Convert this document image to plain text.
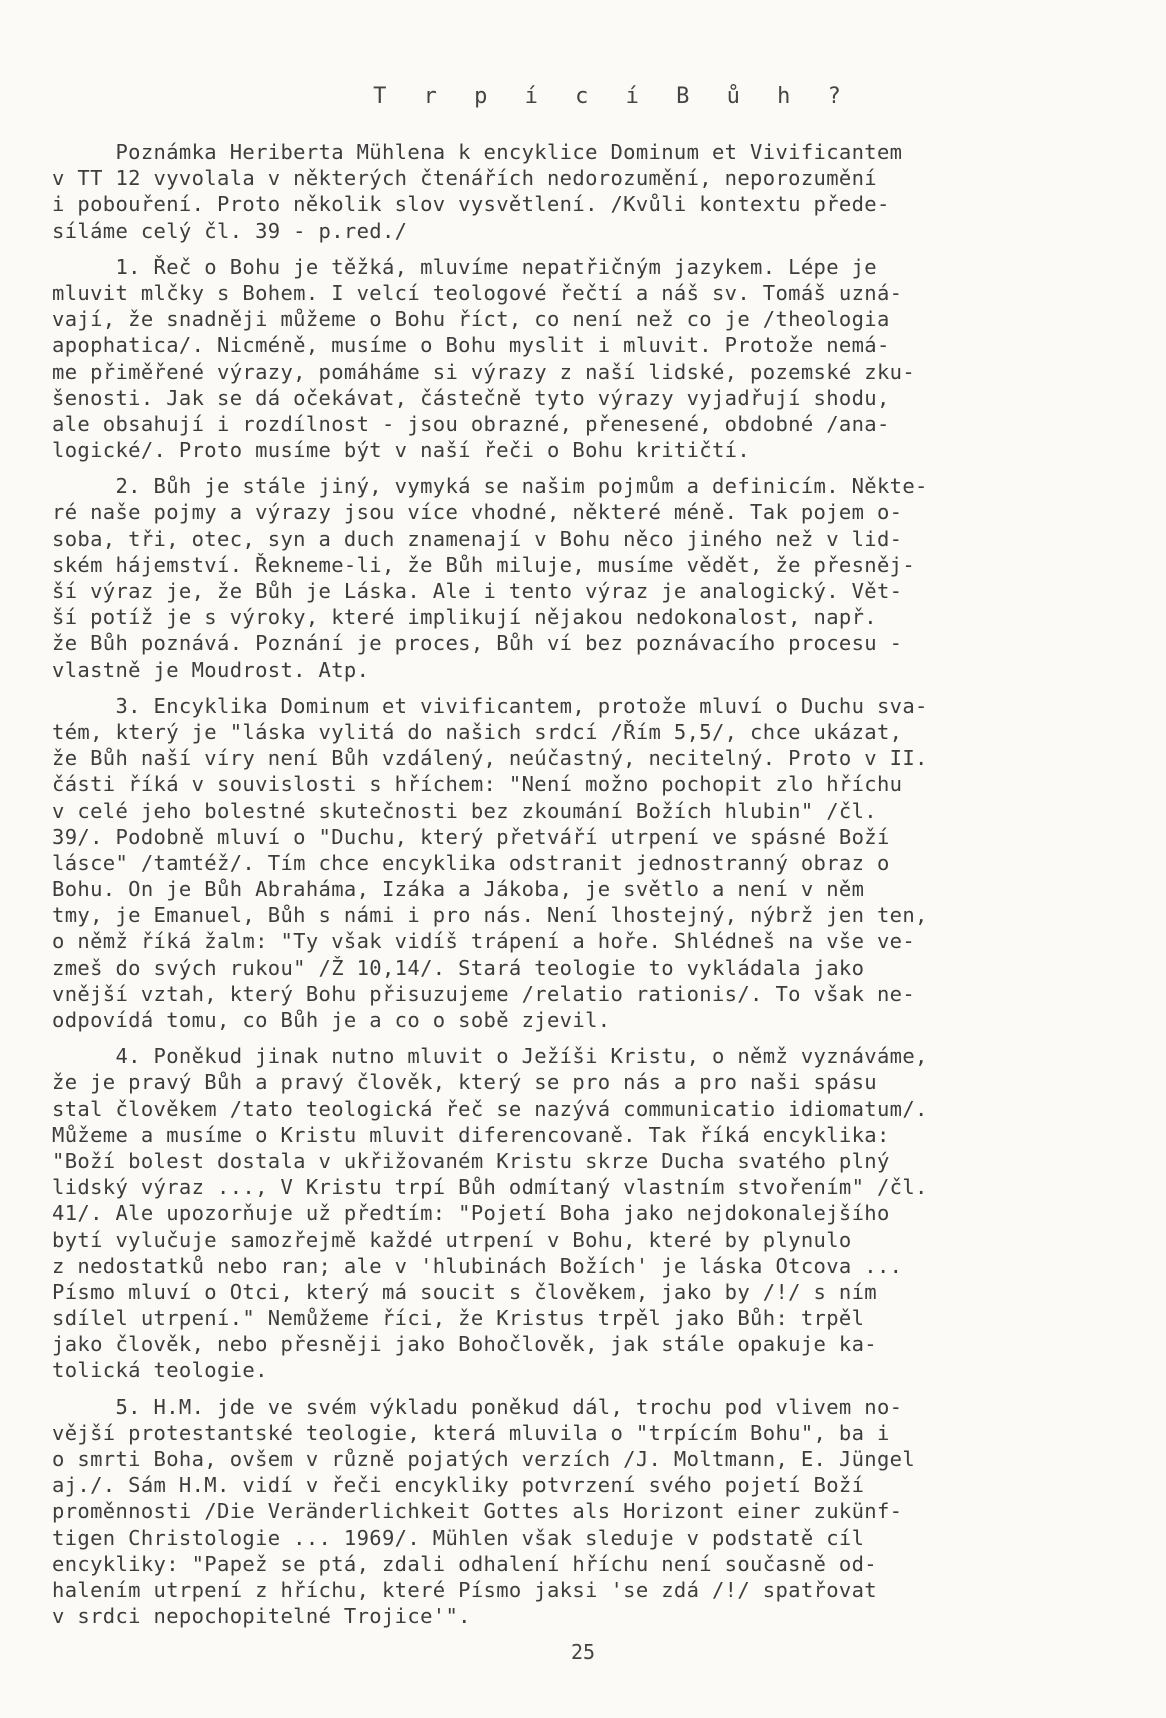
T r p í c í B ů h ?
Poznámka Heriberta Mühlena k encyklice Dominum et Vivificantem
v TT 12 vyvolala v některých čtenářích nedorozumění, neporozumění
i pobouření. Proto několik slov vysvětlení. /Kvůli kontextu přede-
síláme celý čl. 39 - p.red./
1. Řeč o Bohu je těžká, mluvíme nepatřičným jazykem. Lépe je
mluvit mlčky s Bohem. I velcí teologové řečtí a náš sv. Tomáš uzná-
vají, že snadněji můžeme o Bohu říct, co není než co je /theologia
apophatica/. Nicméně, musíme o Bohu myslit i mluvit. Protože nemá-
me přiměřené výrazy, pomáháme si výrazy z naší lidské, pozemské zku-
šenosti. Jak se dá očekávat, částečně tyto výrazy vyjadřují shodu,
ale obsahují i rozdílnost - jsou obrazné, přenesené, obdobné /ana-
logické/. Proto musíme být v naší řeči o Bohu kritičtí.
2. Bůh je stále jiný, vymyká se našim pojmům a definicím. Někte-
ré naše pojmy a výrazy jsou více vhodné, některé méně. Tak pojem o-
soba, tři, otec, syn a duch znamenají v Bohu něco jiného než v lid-
ském hájemství. Řekneme-li, že Bůh miluje, musíme vědět, že přesněj-
ší výraz je, že Bůh je Láska. Ale i tento výraz je analogický. Vět-
ší potíž je s výroky, které implikují nějakou nedokonalost, např.
že Bůh poznává. Poznání je proces, Bůh ví bez poznávacího procesu -
vlastně je Moudrost. Atp.
3. Encyklika Dominum et vivificantem, protože mluví o Duchu sva-
tém, který je "láska vylitá do našich srdcí /Řím 5,5/, chce ukázat,
že Bůh naší víry není Bůh vzdálený, neúčastný, necitelný. Proto v II.
části říká v souvislosti s hříchem: "Není možno pochopit zlo hříchu
v celé jeho bolestné skutečnosti bez zkoumání Božích hlubin" /čl.
39/. Podobně mluví o "Duchu, který přetváří utrpení ve spásné Boží
lásce" /tamtéž/. Tím chce encyklika odstranit jednostranný obraz o
Bohu. On je Bůh Abraháma, Izáka a Jákoba, je světlo a není v něm
tmy, je Emanuel, Bůh s námi i pro nás. Není lhostejný, nýbrž jen ten,
o němž říká žalm: "Ty však vidíš trápení a hoře. Shlédneš na vše ve-
zmeš do svých rukou" /Ž 10,14/. Stará teologie to vykládala jako
vnější vztah, který Bohu přisuzujeme /relatio rationis/. To však ne-
odpovídá tomu, co Bůh je a co o sobě zjevil.
4. Poněkud jinak nutno mluvit o Ježíši Kristu, o němž vyznáváme,
že je pravý Bůh a pravý člověk, který se pro nás a pro naši spásu
stal člověkem /tato teologická řeč se nazývá communicatio idiomatum/.
Můžeme a musíme o Kristu mluvit diferencovaně. Tak říká encyklika:
"Boží bolest dostala v ukřižovaném Kristu skrze Ducha svatého plný
lidský výraz ..., V Kristu trpí Bůh odmítaný vlastním stvořením" /čl.
41/. Ale upozorňuje už předtím: "Pojetí Boha jako nejdokonalejšího
bytí vylučuje samozřejmě každé utrpení v Bohu, které by plynulo
z nedostatků nebo ran; ale v 'hlubinách Božích' je láska Otcova ...
Písmo mluví o Otci, který má soucit s člověkem, jako by /!/ s ním
sdílel utrpení." Nemůžeme říci, že Kristus trpěl jako Bůh: trpěl
jako člověk, nebo přesněji jako Bohočlověk, jak stále opakuje ka-
tolická teologie.
5. H.M. jde ve svém výkladu poněkud dál, trochu pod vlivem no-
vější protestantské teologie, která mluvila o "trpícím Bohu", ba i
o smrti Boha, ovšem v různě pojatých verzích /J. Moltmann, E. Jüngel
aj./. Sám H.M. vidí v řeči encykliky potvrzení svého pojetí Boží
proměnnosti /Die Veränderlichkeit Gottes als Horizont einer zukünf-
tigen Christologie ... 1969/. Mühlen však sleduje v podstatě cíl
encykliky: "Papež se ptá, zdali odhalení hříchu není současně od-
halením utrpení z hříchu, které Písmo jaksi 'se zdá /!/ spatřovat
v srdci nepochopitelné Trojice'".
25
